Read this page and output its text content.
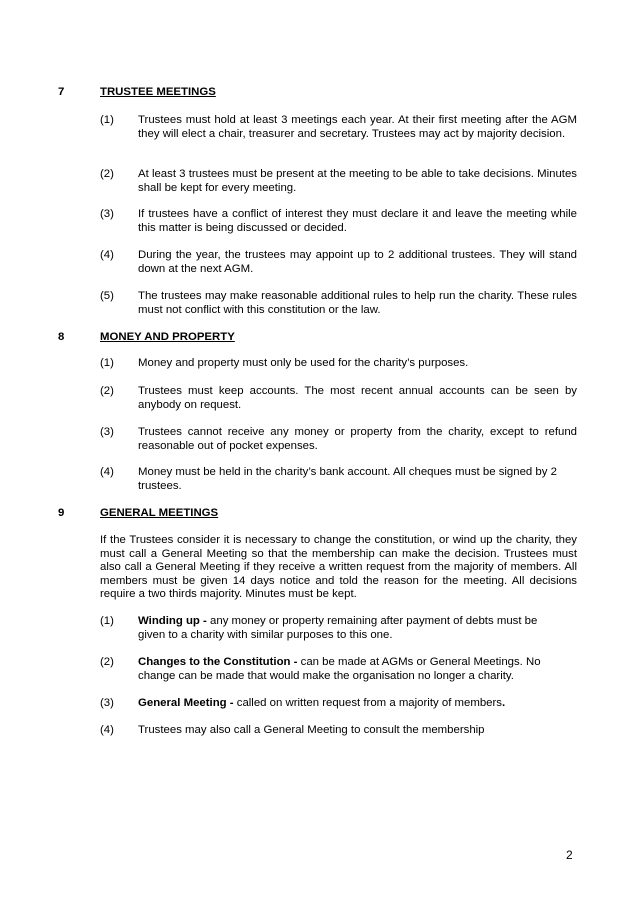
7	TRUSTEE MEETINGS
(1) Trustees must hold at least 3 meetings each year. At their first meeting after the AGM they will elect a chair, treasurer and secretary. Trustees may act by majority decision.
(2) At least 3 trustees must be present at the meeting to be able to take decisions. Minutes shall be kept for every meeting.
(3) If trustees have a conflict of interest they must declare it and leave the meeting while this matter is being discussed or decided.
(4) During the year, the trustees may appoint up to 2 additional trustees. They will stand down at the next AGM.
(5) The trustees may make reasonable additional rules to help run the charity. These rules must not conflict with this constitution or the law.
8	MONEY AND PROPERTY
(1) Money and property must only be used for the charity’s purposes.
(2) Trustees must keep accounts. The most recent annual accounts can be seen by anybody on request.
(3) Trustees cannot receive any money or property from the charity, except to refund reasonable out of pocket expenses.
(4) Money must be held in the charity’s bank account. All cheques must be signed by 2 trustees.
9	GENERAL MEETINGS
If the Trustees consider it is necessary to change the constitution, or wind up the charity, they must call a General Meeting so that the membership can make the decision. Trustees must also call a General Meeting if they receive a written request from the majority of members. All members must be given 14 days notice and told the reason for the meeting. All decisions require a two thirds majority. Minutes must be kept.
(1) Winding up - any money or property remaining after payment of debts must be given to a charity with similar purposes to this one.
(2) Changes to the Constitution - can be made at AGMs or General Meetings. No change can be made that would make the organisation no longer a charity.
(3) General Meeting - called on written request from a majority of members.
(4) Trustees may also call a General Meeting to consult the membership
2
